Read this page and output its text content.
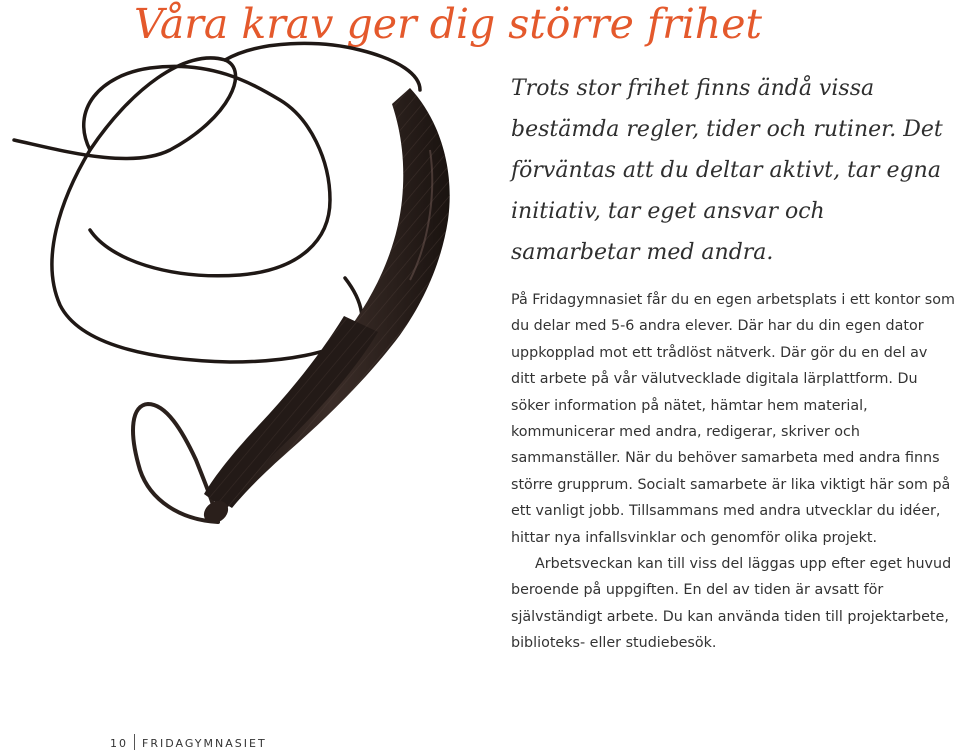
Våra krav ger dig större frihet

Trots stor frihet finns ändå vissa bestämda regler, tider och rutiner. Det förväntas att du deltar aktivt, tar egna initiativ, tar eget ansvar och samarbetar med andra.

På Fridagymnasiet får du en egen arbetsplats i ett kontor som du delar med 5-6 andra elever. Där har du din egen dator uppkopplad mot ett trådlöst nätverk. Där gör du en del av ditt arbete på vår välutvecklade digitala lärplattform. Du söker information på nätet, hämtar hem material, kommunicerar med andra, redigerar, skriver och sammanställer. När du behöver samarbeta med andra finns större grupprum. Socialt samarbete är lika viktigt här som på ett vanligt jobb. Tillsammans med andra utvecklar du idéer, hittar nya infallsvinklar och genomför olika projekt.

Arbetsveckan kan till viss del läggas upp efter eget huvud beroende på uppgiften. En del av tiden är avsatt för självständigt arbete. Du kan använda tiden till projektarbete, biblioteks- eller studiebesök.

10 FRIDAGYMNASIET
